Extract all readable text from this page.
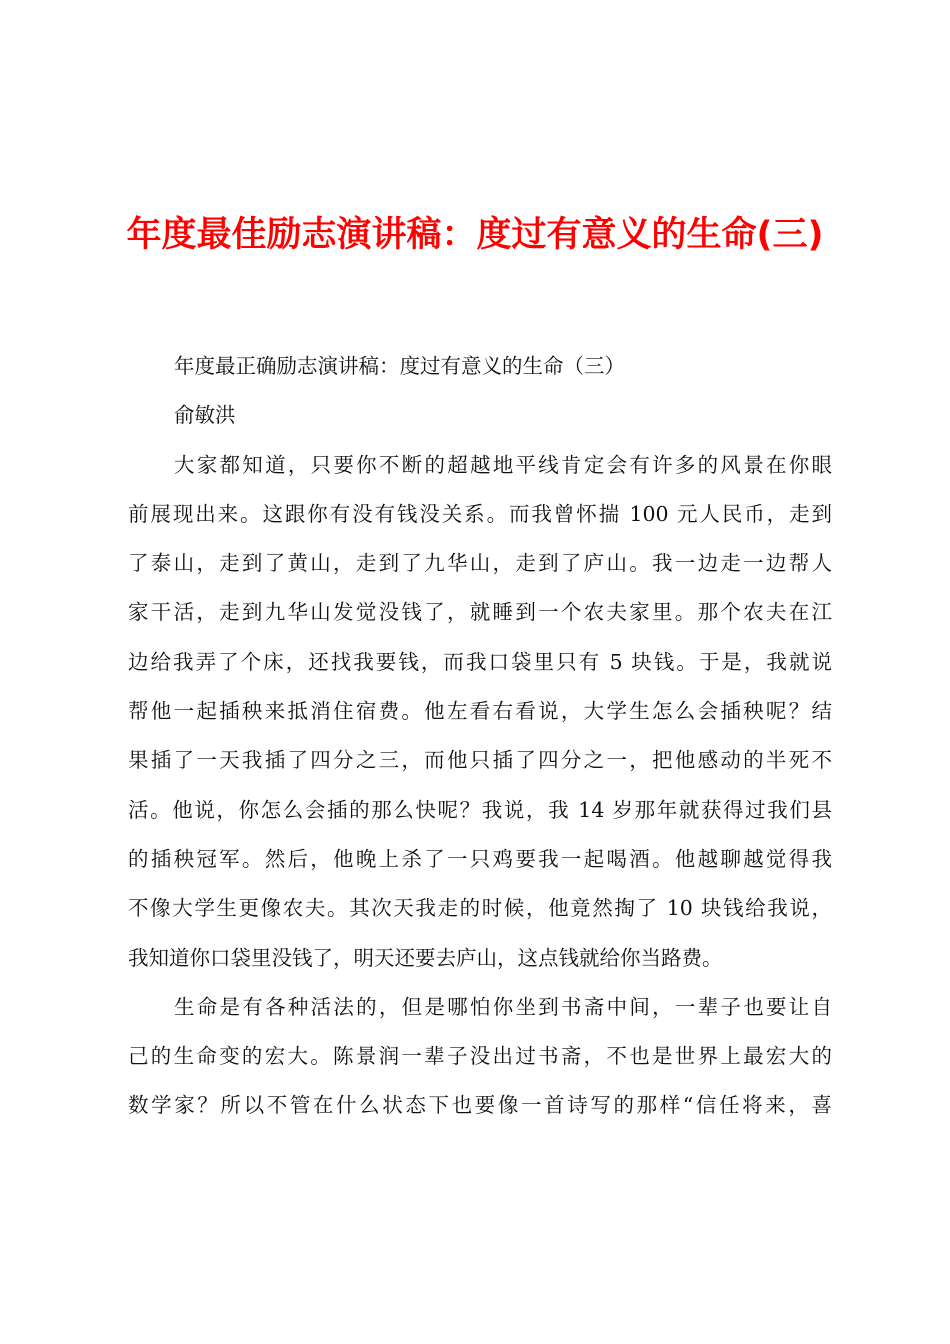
年度最佳励志演讲稿：度过有意义的生命(三)
年度最正确励志演讲稿：度过有意义的生命（三）
俞敏洪
大家都知道，只要你不断的超越地平线肯定会有许多的风景在你眼
前展现出来。这跟你有没有钱没关系。而我曾怀揣 100 元人民币，走到
了泰山，走到了黄山，走到了九华山，走到了庐山。我一边走一边帮人
家干活，走到九华山发觉没钱了，就睡到一个农夫家里。那个农夫在江
边给我弄了个床，还找我要钱，而我口袋里只有 5 块钱。于是，我就说
帮他一起插秧来抵消住宿费。他左看右看说，大学生怎么会插秧呢？结
果插了一天我插了四分之三，而他只插了四分之一，把他感动的半死不
活。他说，你怎么会插的那么快呢？我说，我 14 岁那年就获得过我们县
的插秧冠军。然后，他晚上杀了一只鸡要我一起喝酒。他越聊越觉得我
不像大学生更像农夫。其次天我走的时候，他竟然掏了 10 块钱给我说，
我知道你口袋里没钱了，明天还要去庐山，这点钱就给你当路费。
生命是有各种活法的，但是哪怕你坐到书斋中间，一辈子也要让自
己的生命变的宏大。陈景润一辈子没出过书斋，不也是世界上最宏大的
数学家？所以不管在什么状态下也要像一首诗写的那样“信任将来，喜
